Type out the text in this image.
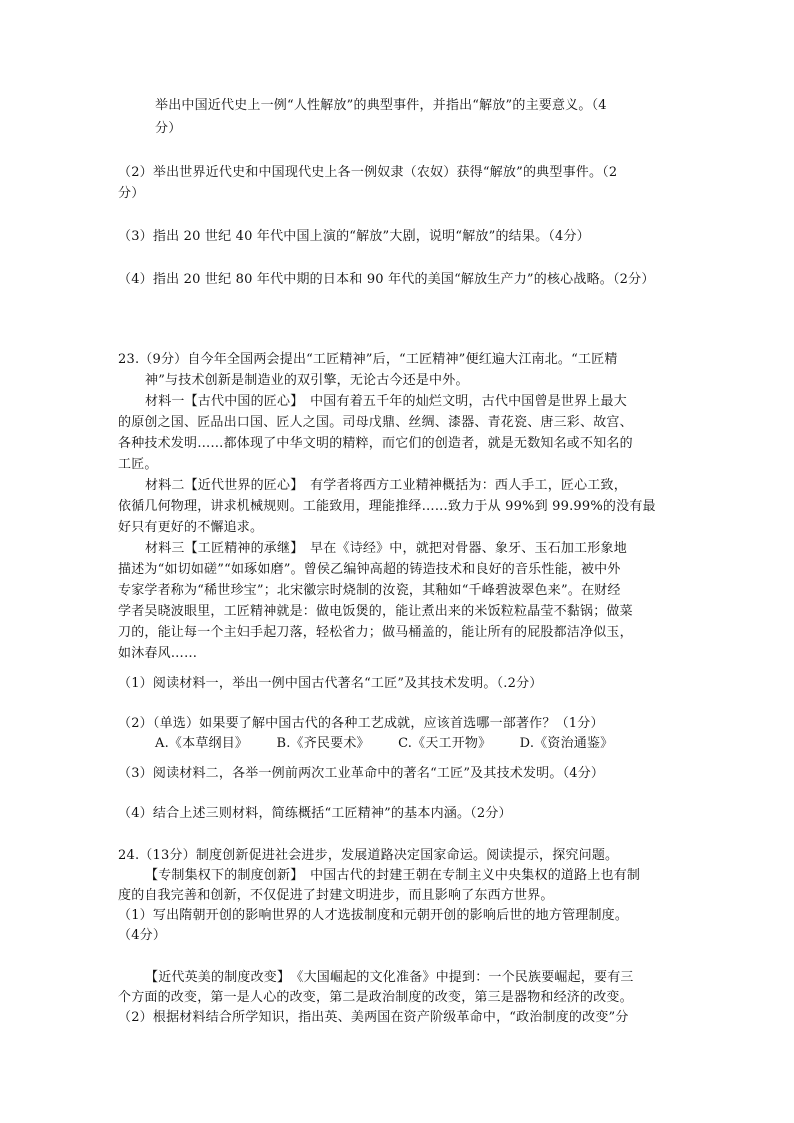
举出中国近代史上一例“人性解放”的典型事件，并指出“解放”的主要意义。（4
分）
（2）举出世界近代史和中国现代史上各一例奴隶（农奴）获得“解放”的典型事件。（2
分）
（3）指出 20 世纪 40 年代中国上演的“解放”大剧，说明“解放”的结果。（4分）
（4）指出 20 世纪 80 年代中期的日本和 90 年代的美国“解放生产力”的核心战略。（2分）
23.（9分）自今年全国两会提出“工匠精神”后，“工匠精神”便红遍大江南北。“工匠精
神”与技术创新是制造业的双引擎，无论古今还是中外。
材料一【古代中国的匠心】　中国有着五千年的灿烂文明，古代中国曾是世界上最大
的原创之国、匠品出口国、匠人之国。司母戊鼎、丝绸、漆器、青花瓷、唐三彩、故宫、
各种技术发明……都体现了中华文明的精粹，而它们的创造者，就是无数知名或不知名的
工匠。
材料二【近代世界的匠心】　有学者将西方工业精神概括为：西人手工，匠心工致，
依循几何物理，讲求机械规则。工能致用，理能推绎……致力于从 99%到 99.99%的没有最
好只有更好的不懈追求。
材料三【工匠精神的承继】　早在《诗经》中，就把对骨器、象牙、玉石加工形象地
描述为“如切如磋”“如琢如磨”。曾侯乙编钟高超的铸造技术和良好的音乐性能，被中外
专家学者称为“稀世珍宝”；北宋徽宗时烧制的汝瓷，其釉如“千峰碧波翠色来”。在财经
学者吴晓波眼里，工匠精神就是：做电饭煲的，能让煮出来的米饭粒粒晶莹不黏锅；做菜
刀的，能让每一个主妇手起刀落，轻松省力；做马桶盖的，能让所有的屁股都洁净似玉，
如沐春风……
（1）阅读材料一，举出一例中国古代著名“工匠”及其技术发明。（.2分）
（2）（单选）如果要了解中国古代的各种工艺成就，应该首选哪一部著作？（1分）
A.《本草纲目》 B.《齐民要术》 C.《天工开物》 D.《资治通鉴》
（3）阅读材料二，各举一例前两次工业革命中的著名“工匠”及其技术发明。（4分）
（4）结合上述三则材料，简练概括“工匠精神”的基本内涵。（2分）
24.（13分）制度创新促进社会进步，发展道路决定国家命运。阅读提示，探究问题。
【专制集权下的制度创新】　中国古代的封建王朝在专制主义中央集权的道路上也有制
度的自我完善和创新，不仅促进了封建文明进步，而且影响了东西方世界。
（1）写出隋朝开创的影响世界的人才选拔制度和元朝开创的影响后世的地方管理制度。
（4分）
【近代英美的制度改变】　《大国崛起的文化准备》中提到：一个民族要崛起，要有三
个方面的改变，第一是人心的改变，第二是政治制度的改变，第三是器物和经济的改变。
（2）根据材料结合所学知识，指出英、美两国在资产阶级革命中，“政治制度的改变”分
